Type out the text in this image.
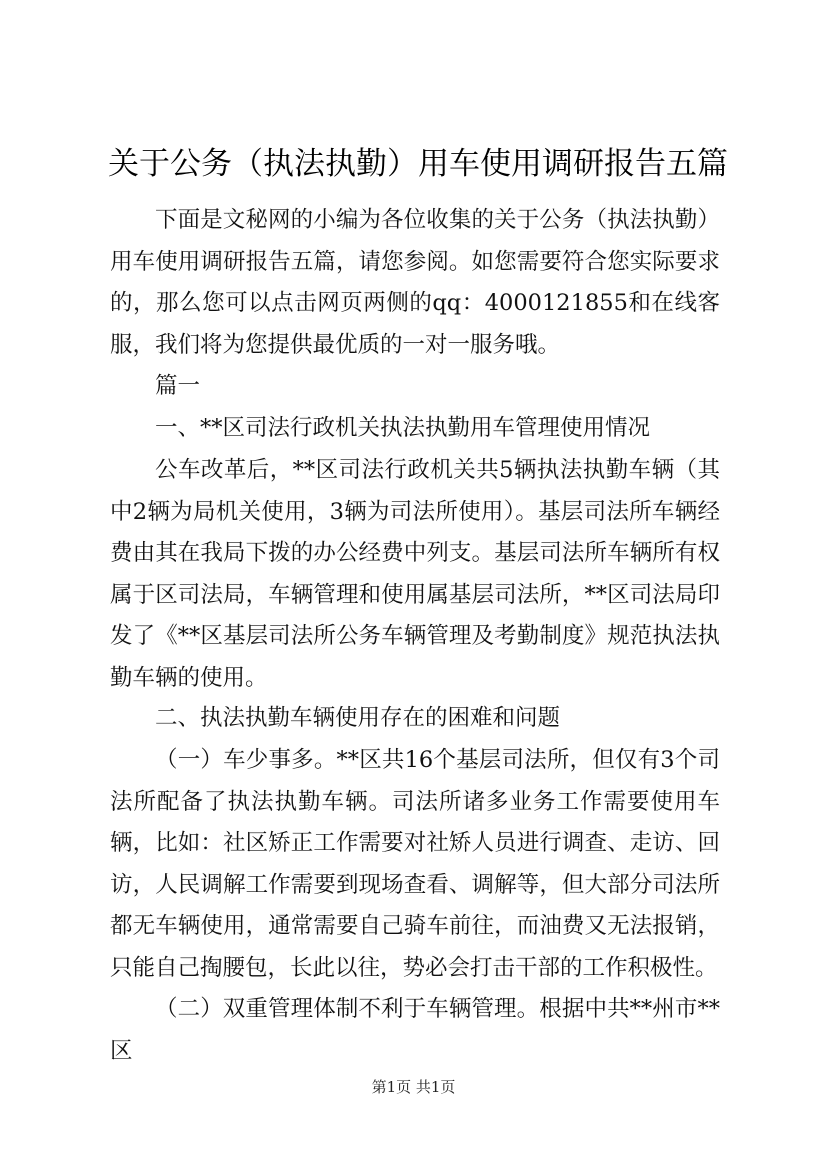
关于公务（执法执勤）用车使用调研报告五篇
下面是文秘网的小编为各位收集的关于公务（执法执勤）用车使用调研报告五篇，请您参阅。如您需要符合您实际要求的，那么您可以点击网页两侧的qq：4000121855和在线客服，我们将为您提供最优质的一对一服务哦。
篇一
一、**区司法行政机关执法执勤用车管理使用情况
公车改革后，**区司法行政机关共5辆执法执勤车辆（其中2辆为局机关使用，3辆为司法所使用）。基层司法所车辆经费由其在我局下拨的办公经费中列支。基层司法所车辆所有权属于区司法局，车辆管理和使用属基层司法所，**区司法局印发了《**区基层司法所公务车辆管理及考勤制度》规范执法执勤车辆的使用。
二、执法执勤车辆使用存在的困难和问题
（一）车少事多。**区共16个基层司法所，但仅有3个司法所配备了执法执勤车辆。司法所诸多业务工作需要使用车辆，比如：社区矫正工作需要对社矫人员进行调查、走访、回访，人民调解工作需要到现场查看、调解等，但大部分司法所都无车辆使用，通常需要自己骑车前往，而油费又无法报销，只能自己掏腰包，长此以往，势必会打击干部的工作积极性。
（二）双重管理体制不利于车辆管理。根据中共**州市**区
第1页 共1页
